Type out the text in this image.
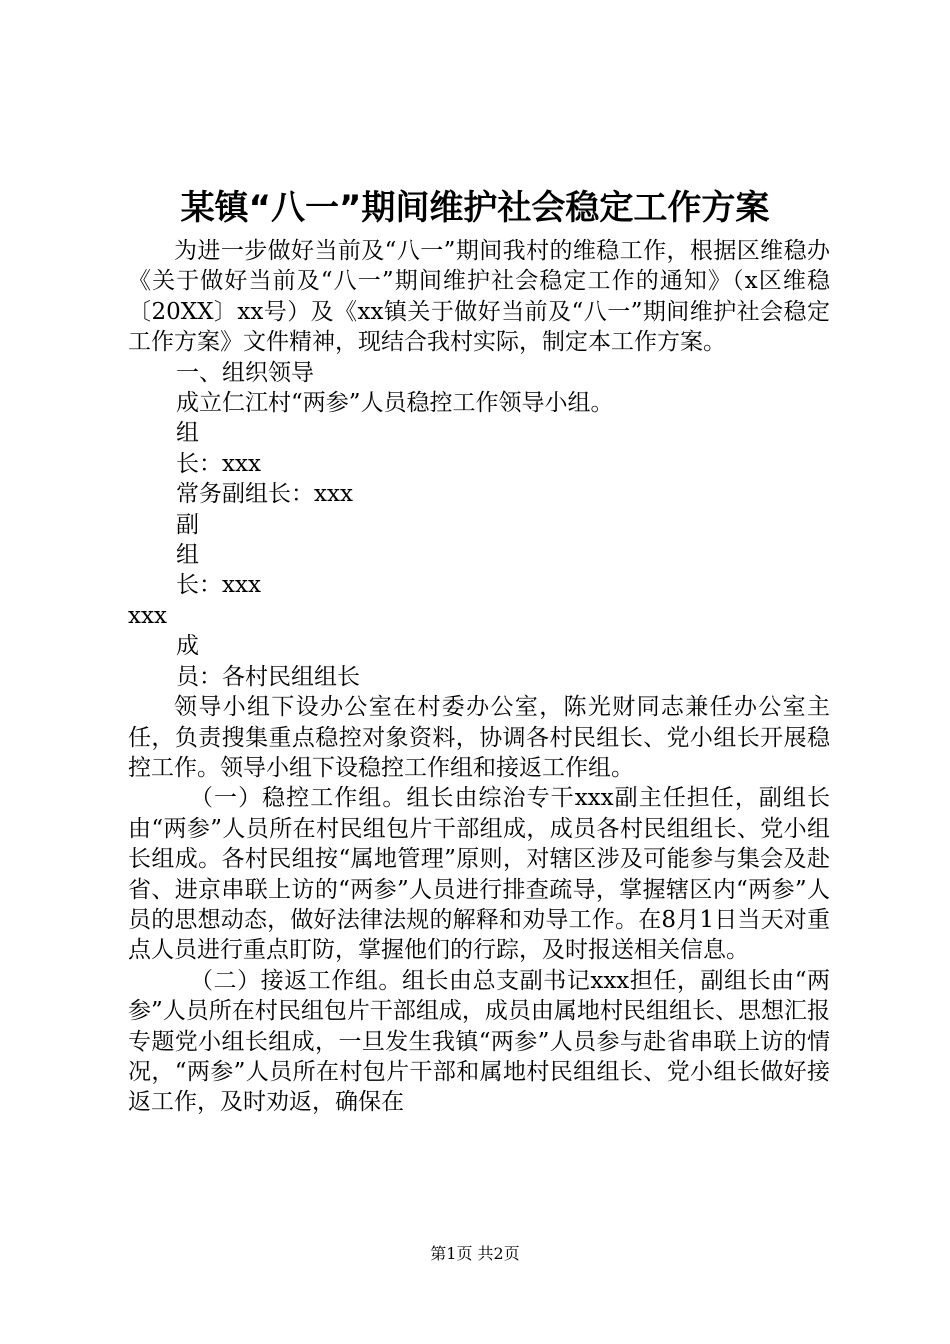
某镇“八一”期间维护社会稳定工作方案

为进一步做好当前及“八一”期间我村的维稳工作，根据区维稳办《关于做好当前及“八一”期间维护社会稳定工作的通知》（x区维稳〔20XX〕xx号）及《xx镇关于做好当前及“八一”期间维护社会稳定工作方案》文件精神，现结合我村实际，制定本工作方案。

一、组织领导

成立仁江村“两参”人员稳控工作领导小组。

组

长：xxx

常务副组长：xxx

副

组

长：xxx

xxx

成

员：各村民组组长

领导小组下设办公室在村委办公室，陈光财同志兼任办公室主任，负责搜集重点稳控对象资料，协调各村民组长、党小组长开展稳控工作。领导小组下设稳控工作组和接返工作组。

（一）稳控工作组。组长由综治专干xxx副主任担任，副组长由“两参”人员所在村民组包片干部组成，成员各村民组组长、党小组长组成。各村民组按“属地管理”原则，对辖区涉及可能参与集会及赴省、进京串联上访的“两参”人员进行排查疏导，掌握辖区内“两参”人员的思想动态，做好法律法规的解释和劝导工作。在8月1日当天对重点人员进行重点盯防，掌握他们的行踪，及时报送相关信息。

（二）接返工作组。组长由总支副书记xxx担任，副组长由“两参”人员所在村民组包片干部组成，成员由属地村民组组长、思想汇报专题党小组长组成，一旦发生我镇“两参”人员参与赴省串联上访的情况，“两参”人员所在村包片干部和属地村民组组长、党小组长做好接返工作，及时劝返，确保在

第1页 共2页
